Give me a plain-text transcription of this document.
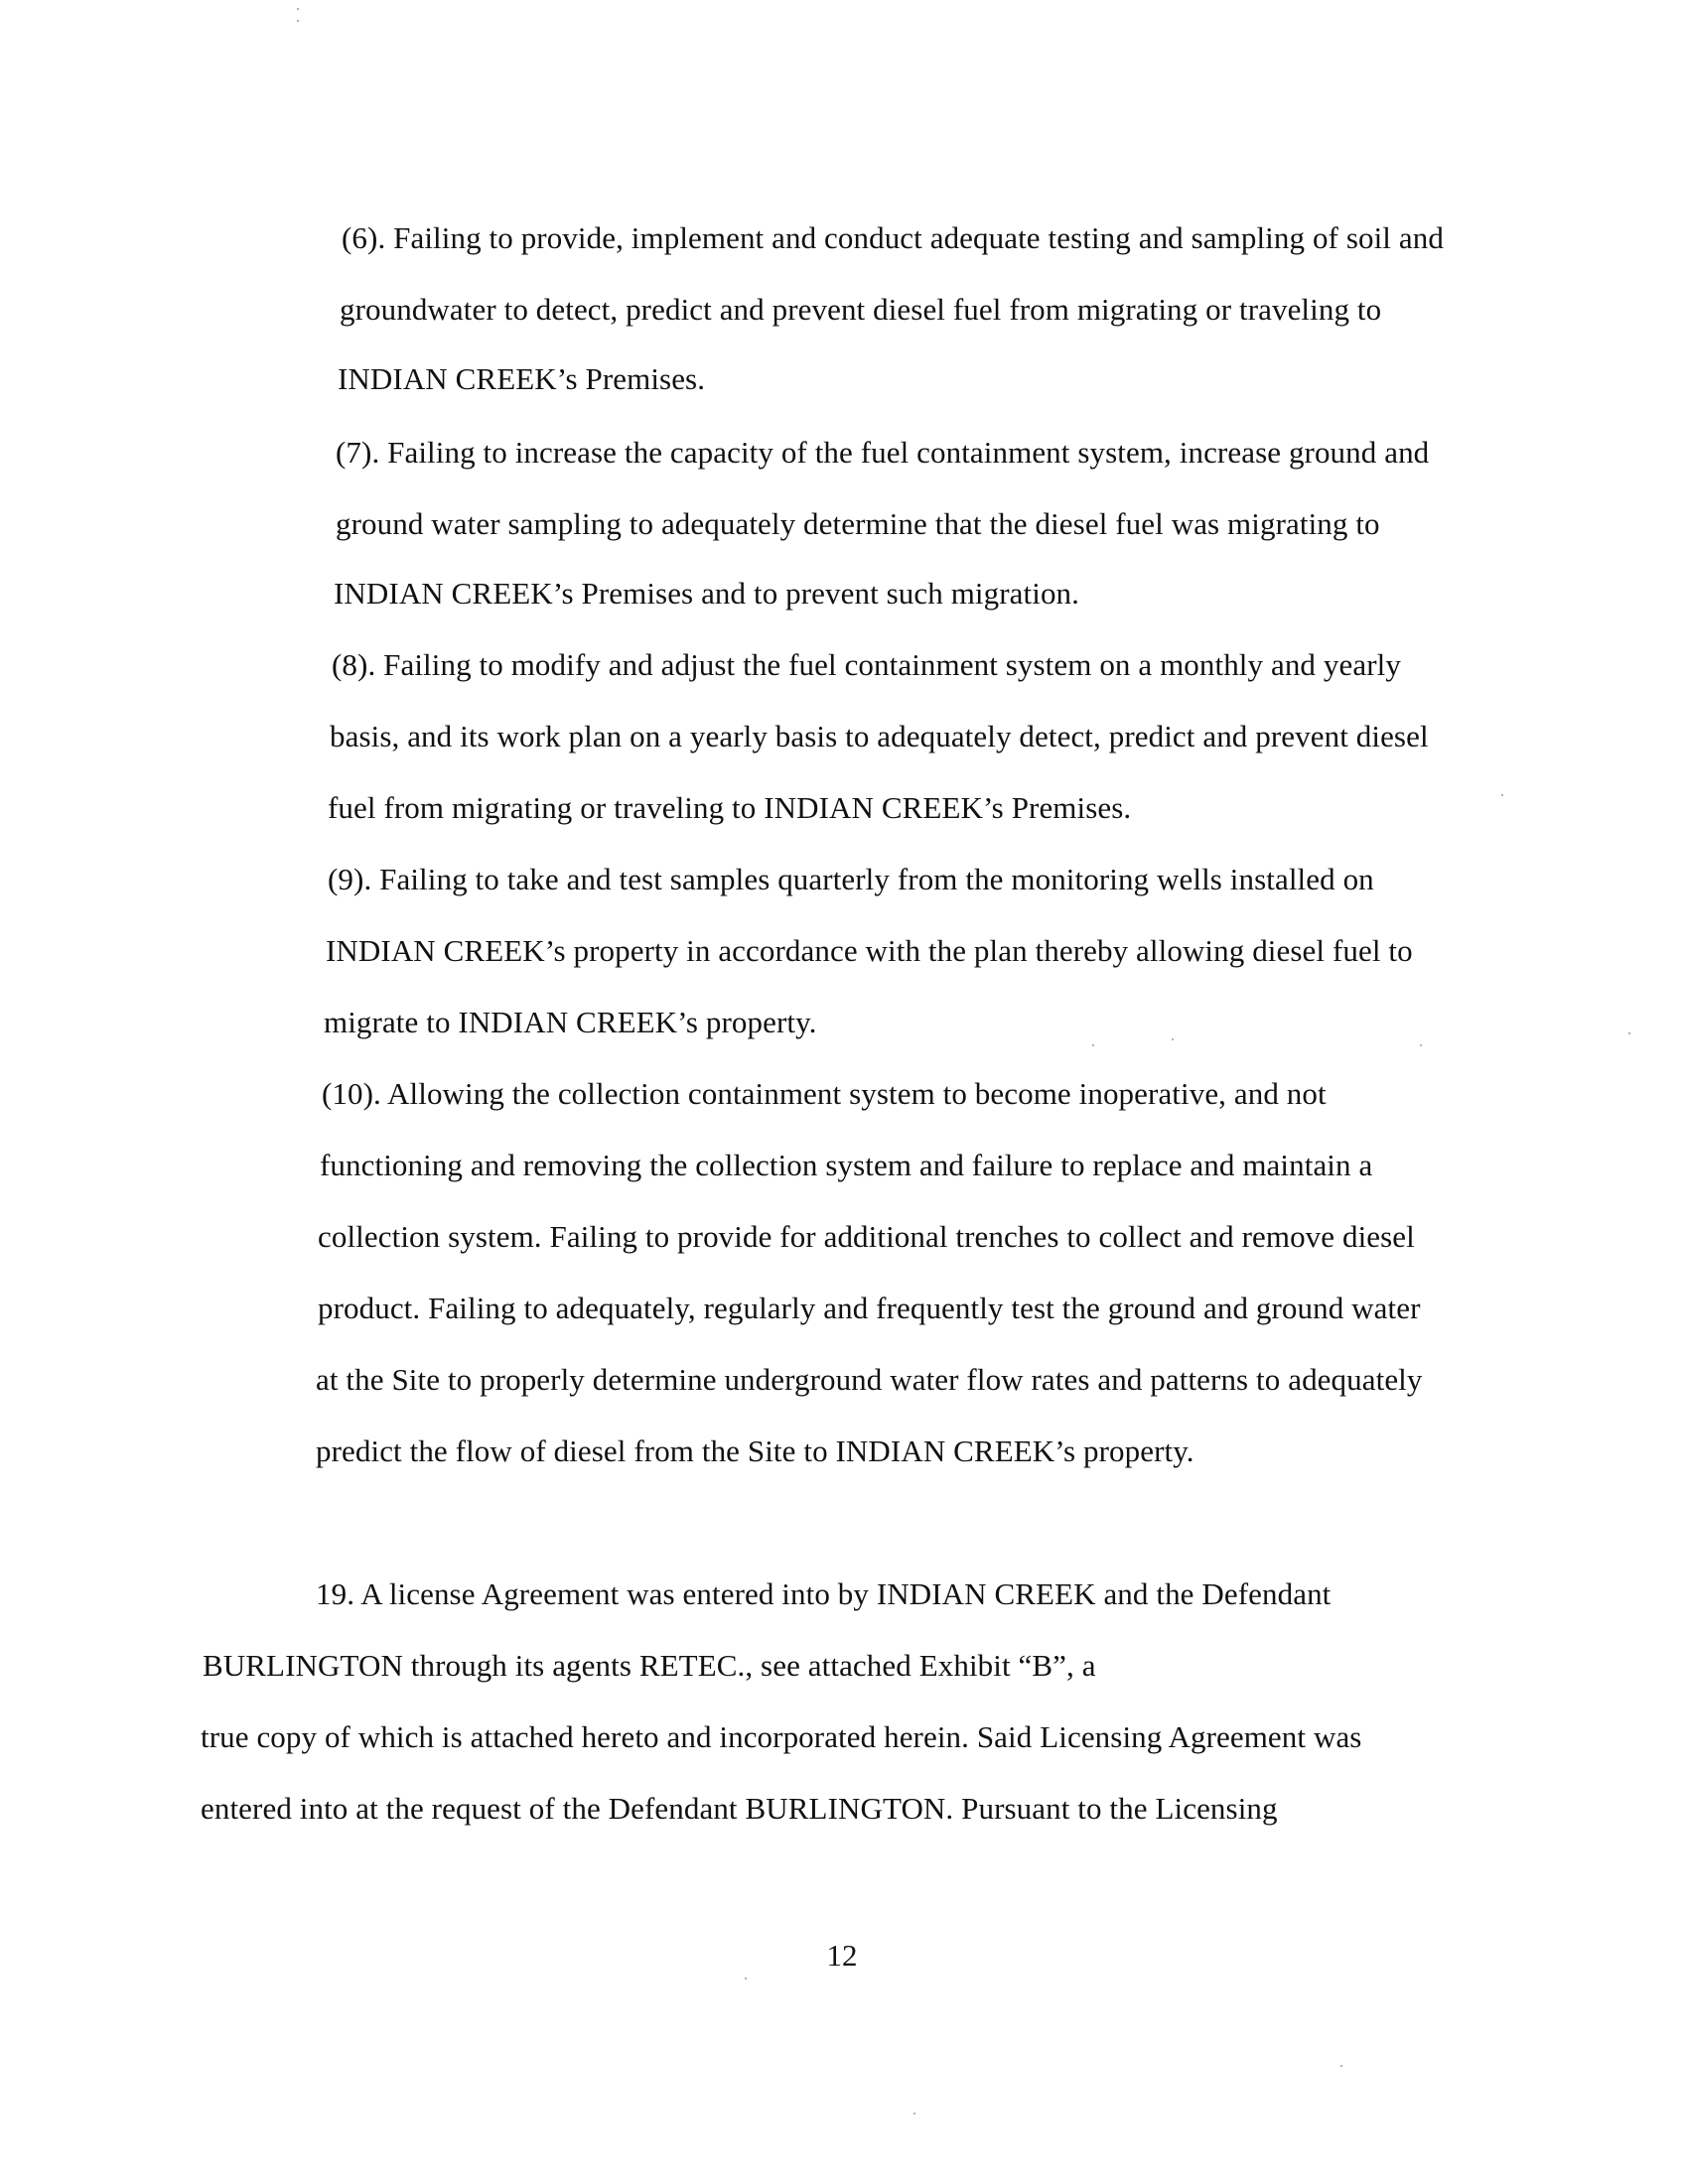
(6). Failing to provide, implement and conduct adequate testing and sampling of soil and
groundwater to detect, predict and prevent diesel fuel from migrating or traveling to
INDIAN CREEK’s Premises.
(7). Failing to increase the capacity of the fuel containment system, increase ground and
ground water sampling to adequately determine that the diesel fuel was migrating to
INDIAN CREEK’s Premises and to prevent such migration.
(8). Failing to modify and adjust the fuel containment system on a monthly and yearly
basis, and its work plan on a yearly basis to adequately detect, predict and prevent diesel
fuel from migrating or traveling to INDIAN CREEK’s Premises.
(9). Failing to take and test samples quarterly from the monitoring wells installed on
INDIAN CREEK’s property in accordance with the plan thereby allowing diesel fuel to
migrate to INDIAN CREEK’s property.
(10). Allowing the collection containment system to become inoperative, and not
functioning and removing the collection system and failure to replace and maintain a
collection system. Failing to provide for additional trenches to collect and remove diesel
product. Failing to adequately, regularly and frequently test the ground and ground water
at the Site to properly determine underground water flow rates and patterns to adequately
predict the flow of diesel from the Site to INDIAN CREEK’s property.
19. A license Agreement was entered into by INDIAN CREEK and the Defendant
BURLINGTON through its agents RETEC., see attached Exhibit “B”, a
true copy of which is attached hereto and incorporated herein. Said Licensing Agreement was
entered into at the request of the Defendant BURLINGTON. Pursuant to the Licensing
12
